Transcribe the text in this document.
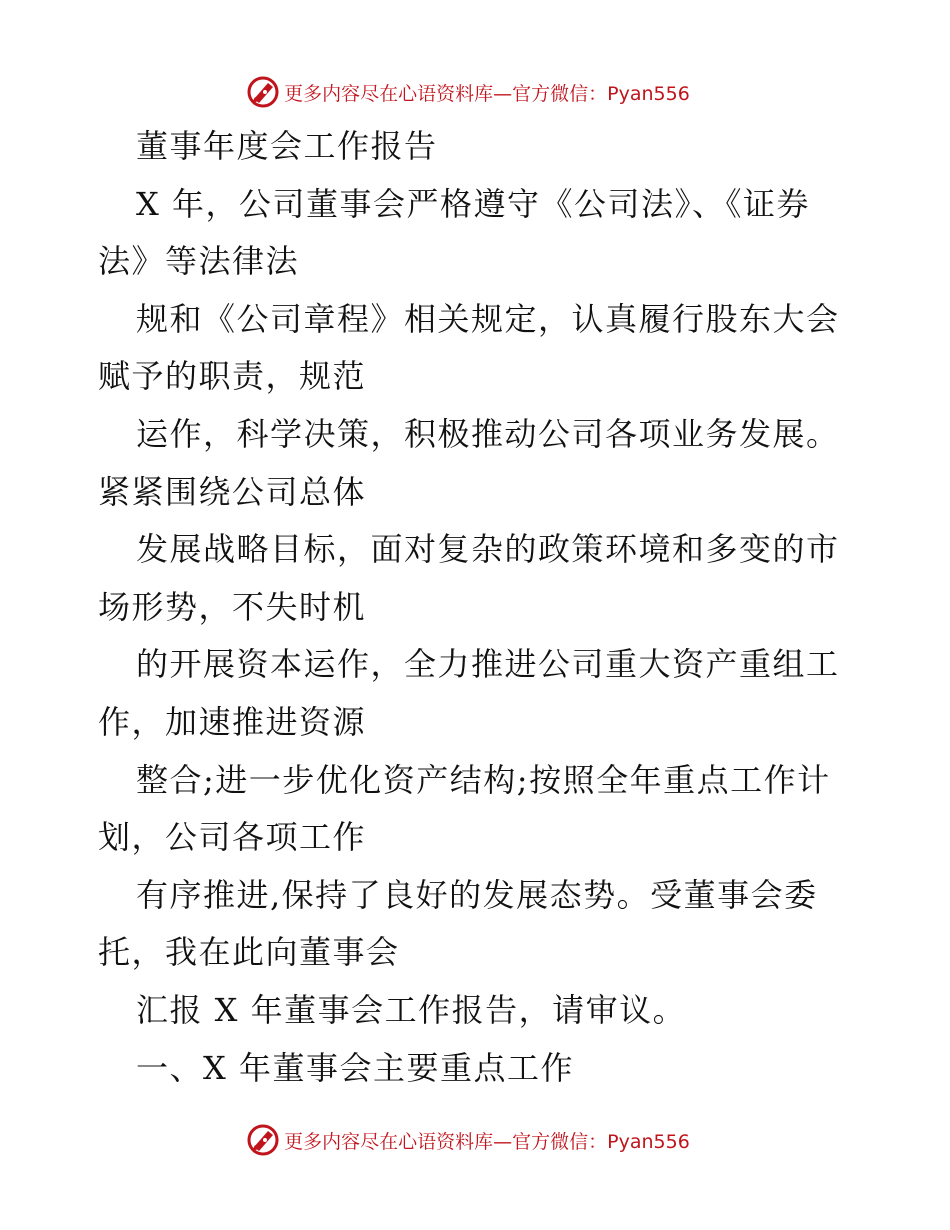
更多内容尽在心语资料库—官方微信：Pyan556
董事年度会工作报告
X 年，公司董事会严格遵守《公司法》、《证券
法》等法律法
规和《公司章程》相关规定，认真履行股东大会
赋予的职责，规范
运作，科学决策，积极推动公司各项业务发展。
紧紧围绕公司总体
发展战略目标，面对复杂的政策环境和多变的市
场形势，不失时机
的开展资本运作，全力推进公司重大资产重组工
作，加速推进资源
整合;进一步优化资产结构;按照全年重点工作计
划，公司各项工作
有序推进,保持了良好的发展态势。受董事会委
托，我在此向董事会
汇报 X 年董事会工作报告，请审议。
一、X 年董事会主要重点工作
更多内容尽在心语资料库—官方微信：Pyan556
